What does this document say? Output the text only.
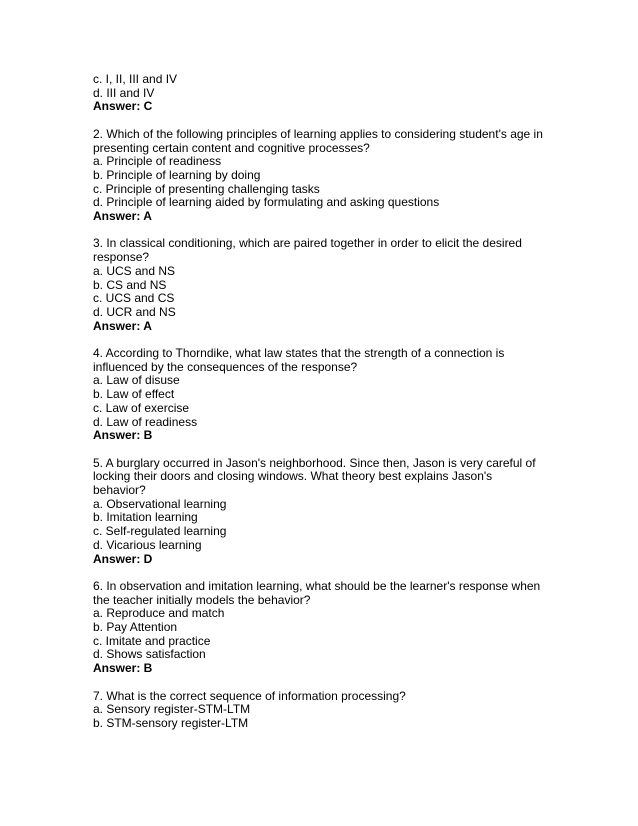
c. I, II, III and IV
d. III and IV
Answer: C
2. Which of the following principles of learning applies to considering student's age in
presenting certain content and cognitive processes?
a. Principle of readiness
b. Principle of learning by doing
c. Principle of presenting challenging tasks
d. Principle of learning aided by formulating and asking questions
Answer: A
3. In classical conditioning, which are paired together in order to elicit the desired
response?
a. UCS and NS
b. CS and NS
c. UCS and CS
d. UCR and NS
Answer: A
4. According to Thorndike, what law states that the strength of a connection is
influenced by the consequences of the response?
a. Law of disuse
b. Law of effect
c. Law of exercise
d. Law of readiness
Answer: B
5. A burglary occurred in Jason's neighborhood. Since then, Jason is very careful of
locking their doors and closing windows. What theory best explains Jason's
behavior?
a. Observational learning
b. Imitation learning
c. Self-regulated learning
d. Vicarious learning
Answer: D
6. In observation and imitation learning, what should be the learner's response when
the teacher initially models the behavior?
a. Reproduce and match
b. Pay Attention
c. Imitate and practice
d. Shows satisfaction
Answer: B
7. What is the correct sequence of information processing?
a. Sensory register-STM-LTM
b. STM-sensory register-LTM
